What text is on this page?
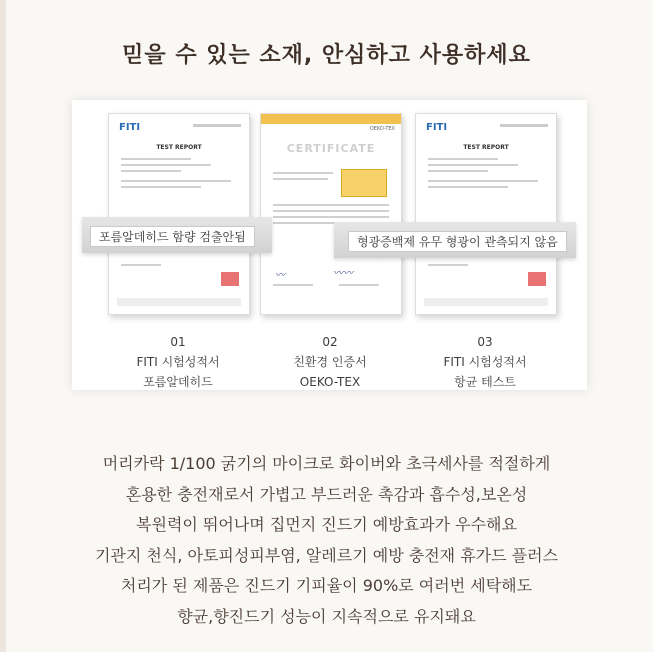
믿을 수 있는 소재, 안심하고 사용하세요
FITI
TEST REPORT
OEKO-TEX
CERTIFICATE
〰	〰〰
FITI
TEST REPORT
포름알데히드 함량 검출안됨	형광증백제 유무 형광이 관측되지 않음
01
FITI 시험성적서
포름알데히드
02
친환경 인증서
OEKO-TEX
03
FITI 시험성적서
항균 테스트
머리카락 1/100 굵기의 마이크로 화이버와 초극세사를 적절하게
혼용한 충전재로서 가볍고 부드러운 촉감과 흡수성,보온성
복원력이 뛰어나며 집먼지 진드기 예방효과가 우수해요
기관지 천식, 아토피성피부염, 알레르기 예방 충전재 휴가드 플러스
처리가 된 제품은 진드기 기피율이 90%로 여러번 세탁해도
향균,향진드기 성능이 지속적으로 유지돼요
